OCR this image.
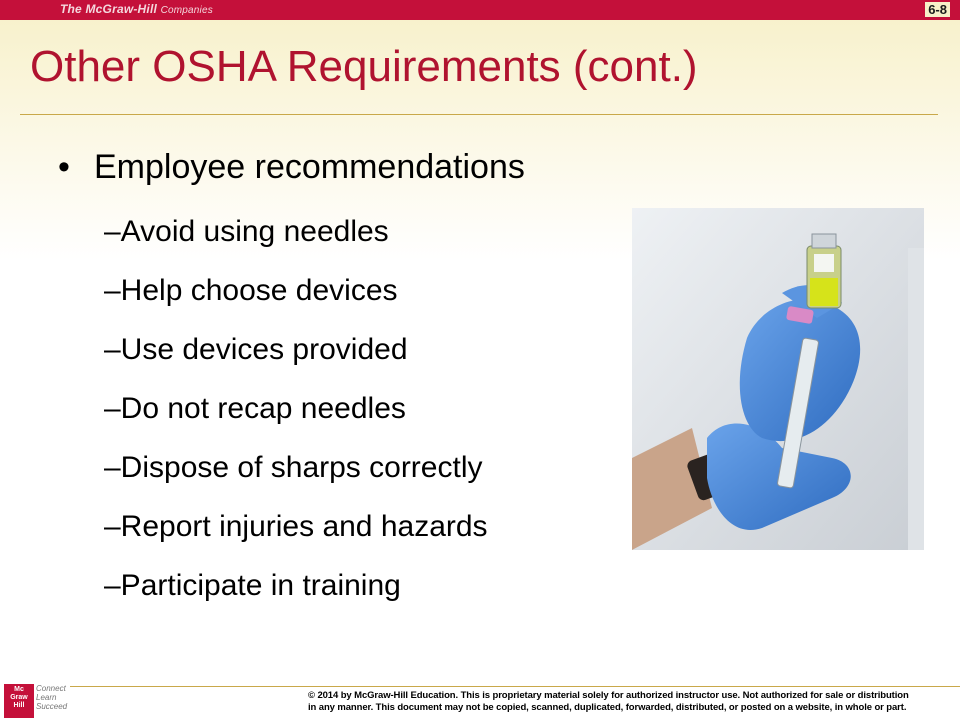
The McGraw-Hill Companies	6-8
Other OSHA Requirements (cont.)
• Employee recommendations
–Avoid using needles
–Help choose devices
–Use devices provided
–Do not recap needles
–Dispose of sharps correctly
–Report injuries and hazards
–Participate in training
Mc
Graw
Hill
Connect
Learn
Succeed
© 2014 by McGraw-Hill Education. This is proprietary material solely for authorized instructor use. Not authorized for sale or distribution
in any manner. This document may not be copied, scanned, duplicated, forwarded, distributed, or posted on a website, in whole or part.
